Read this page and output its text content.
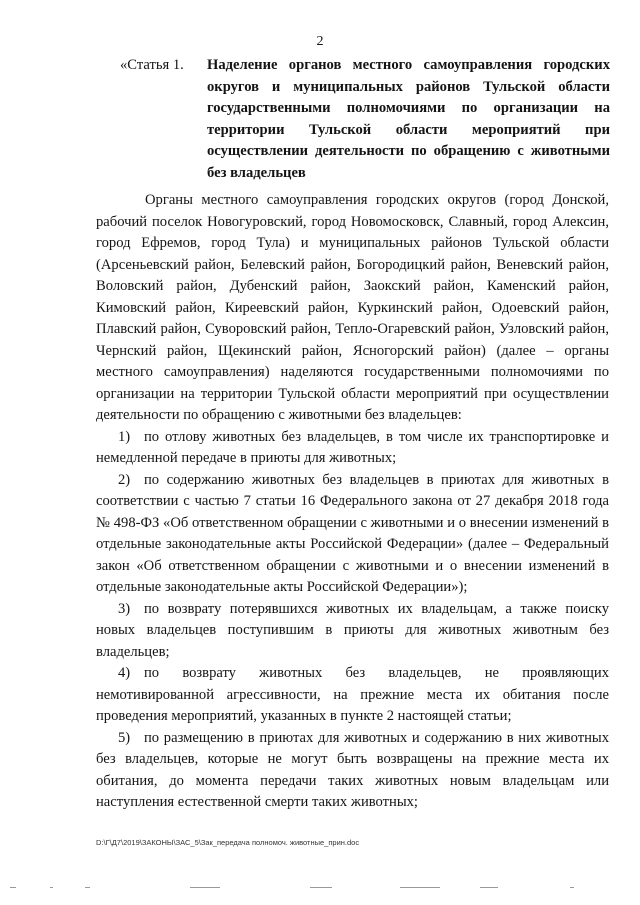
2
«Статья 1. Наделение органов местного самоуправления городских округов и муниципальных районов Тульской области государственными полномочиями по организации на территории Тульской области мероприятий при осуществлении деятельности по обращению с животными без владельцев

Органы местного самоуправления городских округов (город Донской, рабочий поселок Новогуровский, город Новомосковск, Славный, город Алексин, город Ефремов, город Тула) и муниципальных районов Тульской области (Арсеньевский район, Белевский район, Богородицкий район, Веневский район, Воловский район, Дубенский район, Заокский район, Каменский район, Кимовский район, Киреевский район, Куркинский район, Одоевский район, Плавский район, Суворовский район, Тепло-Огаревский район, Узловский район, Чернский район, Щекинский район, Ясногорский район) (далее – органы местного самоуправления) наделяются государственными полномочиями по организации на территории Тульской области мероприятий при осуществлении деятельности по обращению с животными без владельцев:

1) по отлову животных без владельцев, в том числе их транспортировке и немедленной передаче в приюты для животных;

2) по содержанию животных без владельцев в приютах для животных в соответствии с частью 7 статьи 16 Федерального закона от 27 декабря 2018 года № 498-ФЗ «Об ответственном обращении с животными и о внесении изменений в отдельные законодательные акты Российской Федерации» (далее – Федеральный закон «Об ответственном обращении с животными и о внесении изменений в отдельные законодательные акты Российской Федерации»);

3) по возврату потерявшихся животных их владельцам, а также поиску новых владельцев поступившим в приюты для животных животным без владельцев;

4) по возврату животных без владельцев, не проявляющих немотивированной агрессивности, на прежние места их обитания после проведения мероприятий, указанных в пункте 2 настоящей статьи;

5) по размещению в приютах для животных и содержанию в них животных без владельцев, которые не могут быть возвращены на прежние места их обитания, до момента передачи таких животных новым владельцам или наступления естественной смерти таких животных;

D:\Г\Д7\2019\ЗАКОНЫ\ЗАС_5\Зак_передача полномоч. животные_прин.doc
